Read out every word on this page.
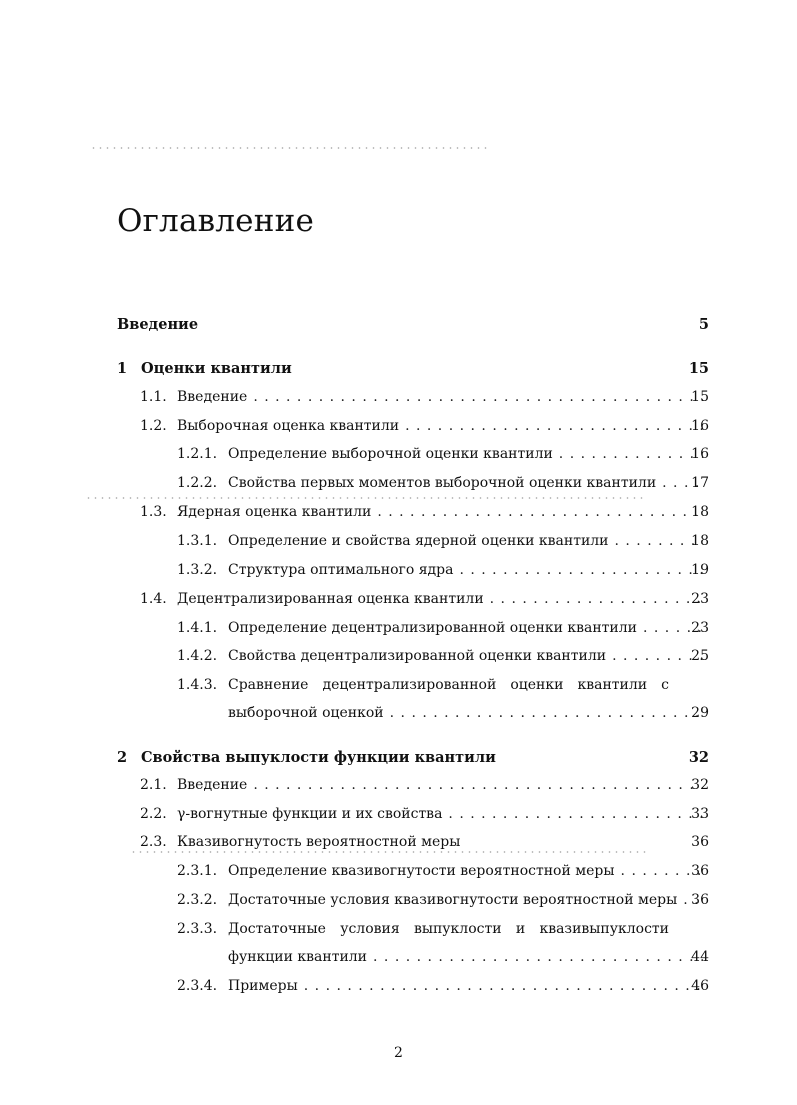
Оглавление
Введение	5
1 Оценки квантили	15
1.1. Введение . . .	15
1.2. Выборочная оценка квантили . . .	16
1.2.1. Определение выборочной оценки квантили . . .	16
1.2.2. Свойства первых моментов выборочной оценки квантили . . .	17
1.3. Ядерная оценка квантили . . .	18
1.3.1. Определение и свойства ядерной оценки квантили . . .	18
1.3.2. Структура оптимального ядра . . .	19
1.4. Децентрализированная оценка квантили . . .	23
1.4.1. Определение децентрализированной оценки квантили . . .	23
1.4.2. Свойства децентрализированной оценки квантили . . .	25
1.4.3. Сравнение децентрализированной оценки квантили с
выборочной оценкой . . .	29
2 Свойства выпуклости функции квантили	32
2.1. Введение . . .	32
2.2. γ-вогнутные функции и их свойства . . .	33
2.3. Квазивогнутость вероятностной меры	36
2.3.1. Определение квазивогнутости вероятностной меры . . .	36
2.3.2. Достаточные условия квазивогнутости вероятностной меры . . . 36
2.3.3. Достаточные условия выпуклости и квазивыпуклости
функции квантили . . .	44
2.3.4. Примеры . . .	46
2
